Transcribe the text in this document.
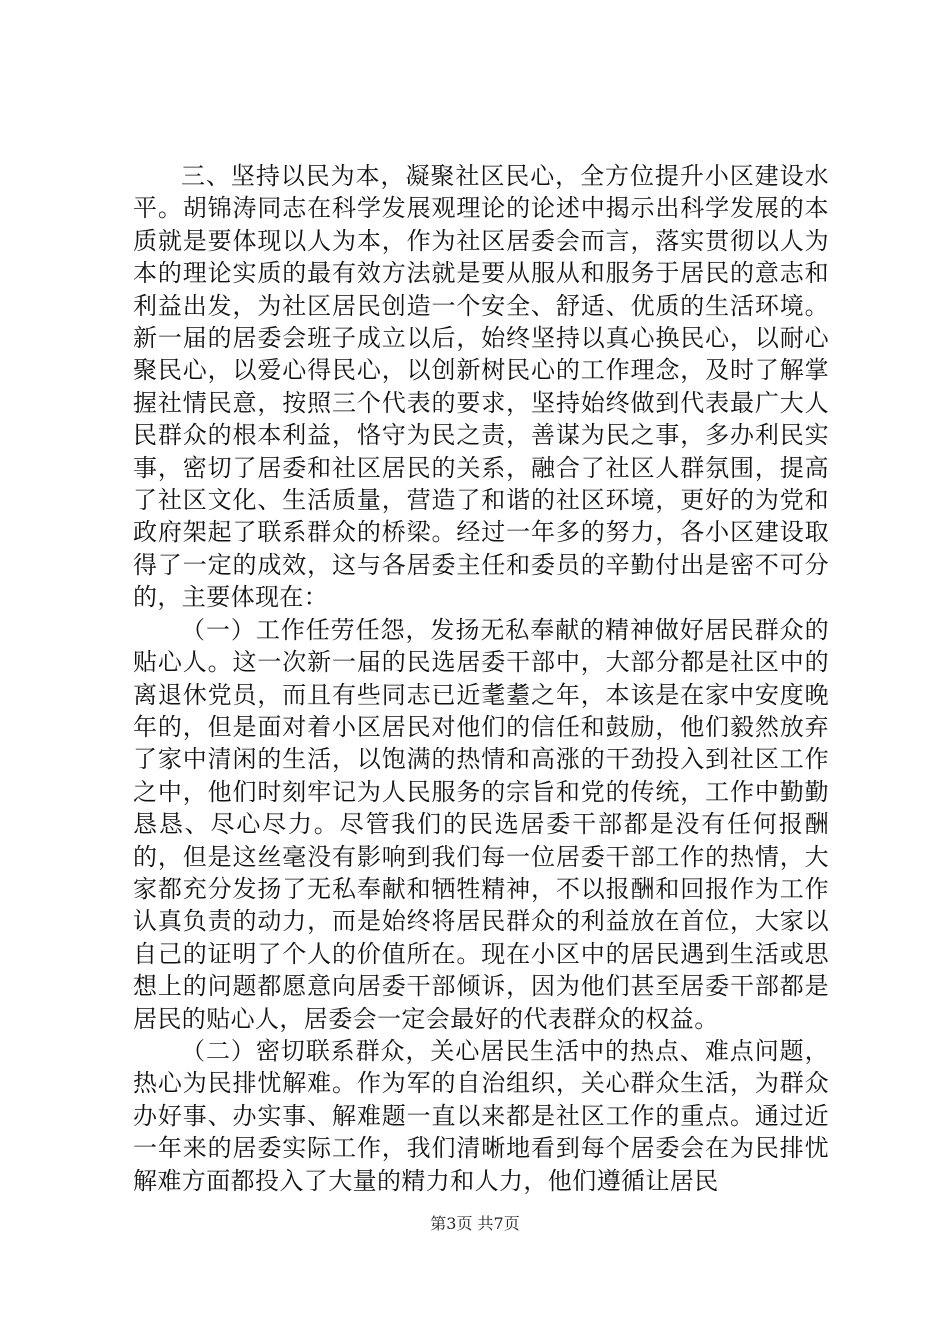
三、坚持以民为本，凝聚社区民心，全方位提升小区建设水平。胡锦涛同志在科学发展观理论的论述中揭示出科学发展的本质就是要体现以人为本，作为社区居委会而言，落实贯彻以人为本的理论实质的最有效方法就是要从服从和服务于居民的意志和利益出发，为社区居民创造一个安全、舒适、优质的生活环境。新一届的居委会班子成立以后，始终坚持以真心换民心，以耐心聚民心，以爱心得民心，以创新树民心的工作理念，及时了解掌握社情民意，按照三个代表的要求，坚持始终做到代表最广大人民群众的根本利益，恪守为民之责，善谋为民之事，多办利民实事，密切了居委和社区居民的关系，融合了社区人群氛围，提高了社区文化、生活质量，营造了和谐的社区环境，更好的为党和政府架起了联系群众的桥梁。经过一年多的努力，各小区建设取得了一定的成效，这与各居委主任和委员的辛勤付出是密不可分的，主要体现在：

（一）工作任劳任怨，发扬无私奉献的精神做好居民群众的贴心人。这一次新一届的民选居委干部中，大部分都是社区中的离退休党员，而且有些同志已近耄耋之年，本该是在家中安度晚年的，但是面对着小区居民对他们的信任和鼓励，他们毅然放弃了家中清闲的生活，以饱满的热情和高涨的干劲投入到社区工作之中，他们时刻牢记为人民服务的宗旨和党的传统，工作中勤勤恳恳、尽心尽力。尽管我们的民选居委干部都是没有任何报酬的，但是这丝毫没有影响到我们每一位居委干部工作的热情，大家都充分发扬了无私奉献和牺牲精神，不以报酬和回报作为工作认真负责的动力，而是始终将居民群众的利益放在首位，大家以自己的证明了个人的价值所在。现在小区中的居民遇到生活或思想上的问题都愿意向居委干部倾诉，因为他们甚至居委干部都是居民的贴心人，居委会一定会最好的代表群众的权益。

（二）密切联系群众，关心居民生活中的热点、难点问题，热心为民排忧解难。作为军的自治组织，关心群众生活，为群众办好事、办实事、解难题一直以来都是社区工作的重点。通过近一年来的居委实际工作，我们清晰地看到每个居委会在为民排忧解难方面都投入了大量的精力和人力，他们遵循让居民

第3页 共7页
